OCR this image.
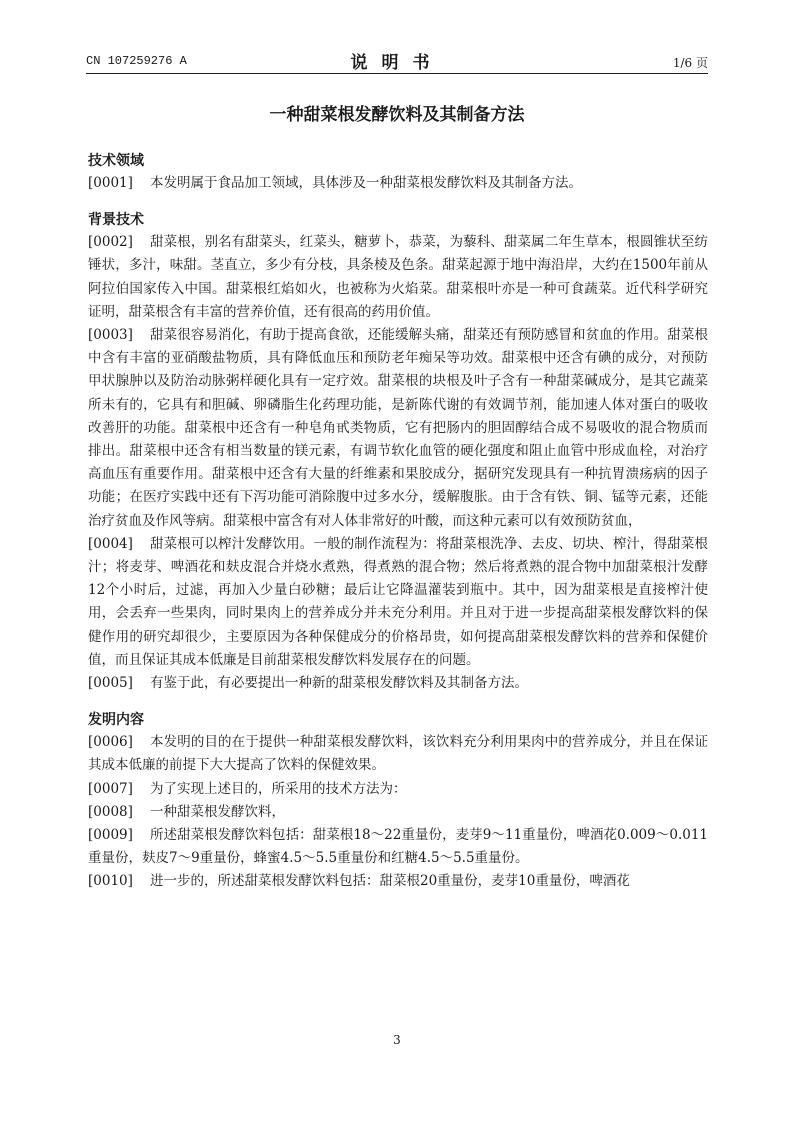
CN 107259276 A	说明书	1/6 页
一种甜菜根发酵饮料及其制备方法
技术领域
[0001]	本发明属于食品加工领域，具体涉及一种甜菜根发酵饮料及其制备方法。
背景技术
[0002]	甜菜根，别名有甜菜头，红菜头，糖萝卜，恭菜，为藜科、甜菜属二年生草本，根圆锥状至纺锤状，多汁，味甜。茎直立，多少有分枝，具条棱及色条。甜菜起源于地中海沿岸，大约在1500年前从阿拉伯国家传入中国。甜菜根红焰如火，也被称为火焰菜。甜菜根叶亦是一种可食蔬菜。近代科学研究证明，甜菜根含有丰富的营养价值，还有很高的药用价值。
[0003]	甜菜很容易消化，有助于提高食欲，还能缓解头痛，甜菜还有预防感冒和贫血的作用。甜菜根中含有丰富的亚硝酸盐物质，具有降低血压和预防老年痴呆等功效。甜菜根中还含有碘的成分，对预防甲状腺肿以及防治动脉粥样硬化具有一定疗效。甜菜根的块根及叶子含有一种甜菜碱成分，是其它蔬菜所未有的，它具有和胆碱、卵磷脂生化药理功能，是新陈代谢的有效调节剂，能加速人体对蛋白的吸收改善肝的功能。甜菜根中还含有一种皂角甙类物质，它有把肠内的胆固醇结合成不易吸收的混合物质而排出。甜菜根中还含有相当数量的镁元素，有调节软化血管的硬化强度和阻止血管中形成血栓，对治疗高血压有重要作用。甜菜根中还含有大量的纤维素和果胶成分，据研究发现具有一种抗胃溃疡病的因子功能；在医疗实践中还有下泻功能可消除腹中过多水分，缓解腹胀。由于含有铁、铜、锰等元素，还能治疗贫血及作风等病。甜菜根中富含有对人体非常好的叶酸，而这种元素可以有效预防贫血，
[0004]	甜菜根可以榨汁发酵饮用。一般的制作流程为：将甜菜根洗净、去皮、切块、榨汁，得甜菜根汁；将麦芽、啤酒花和麸皮混合并烧水煮熟，得煮熟的混合物；然后将煮熟的混合物中加甜菜根汁发酵12个小时后，过滤，再加入少量白砂糖；最后让它降温灌装到瓶中。其中，因为甜菜根是直接榨汁使用，会丢弃一些果肉，同时果肉上的营养成分并未充分利用。并且对于进一步提高甜菜根发酵饮料的保健作用的研究却很少，主要原因为各种保健成分的价格昂贵，如何提高甜菜根发酵饮料的营养和保健价值，而且保证其成本低廉是目前甜菜根发酵饮料发展存在的问题。
[0005]	有鉴于此，有必要提出一种新的甜菜根发酵饮料及其制备方法。
发明内容
[0006]	本发明的目的在于提供一种甜菜根发酵饮料，该饮料充分利用果肉中的营养成分，并且在保证其成本低廉的前提下大大提高了饮料的保健效果。
[0007]	为了实现上述目的，所采用的技术方法为：
[0008]	一种甜菜根发酵饮料，
[0009]	所述甜菜根发酵饮料包括：甜菜根18～22重量份，麦芽9～11重量份，啤酒花0.009～0.011重量份，麸皮7～9重量份，蜂蜜4.5～5.5重量份和红糖4.5～5.5重量份。
[0010]	进一步的，所述甜菜根发酵饮料包括：甜菜根20重量份，麦芽10重量份，啤酒花
3
